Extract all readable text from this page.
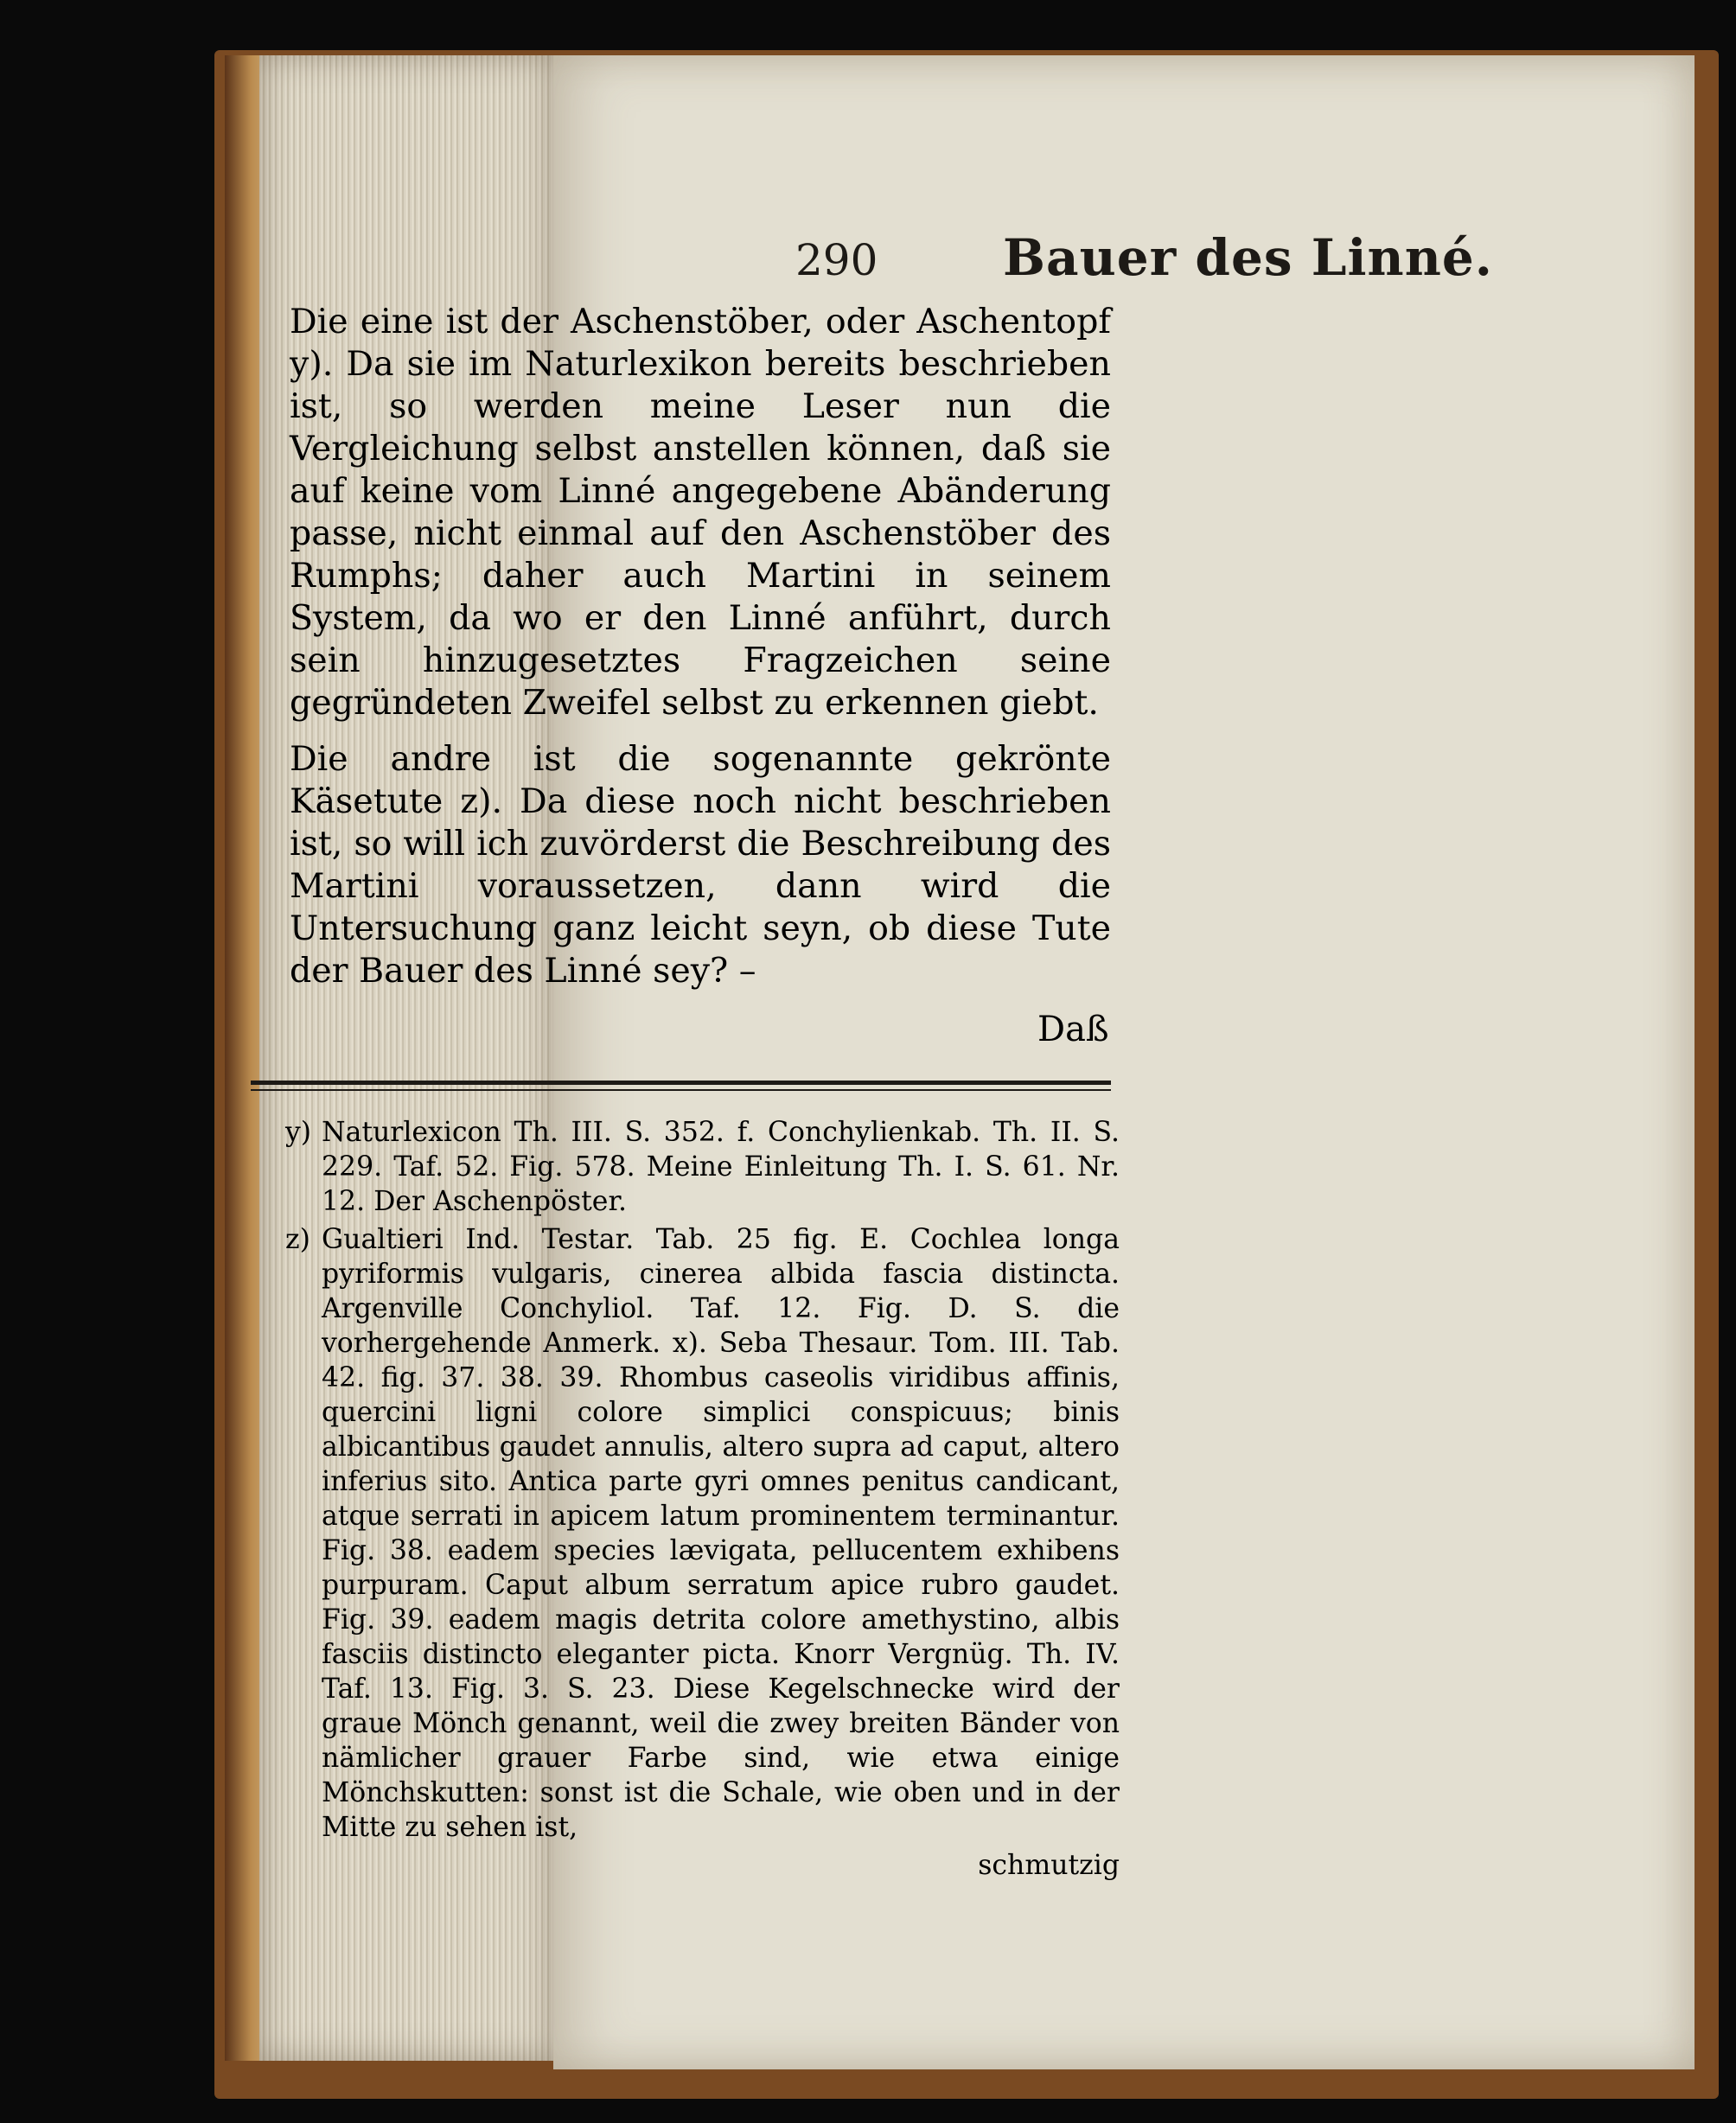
290 Bauer des Linné.

Die eine ist der Aschenstöber, oder Aschentopf y). Da sie im Naturlexikon bereits beschrieben ist, so werden meine Leser nun die Vergleichung selbst anstellen können, daß sie auf keine vom Linné angegebene Abänderung passe, nicht einmal auf den Aschenstöber des Rumphs; daher auch Martini in seinem System, da wo er den Linné anführt, durch sein hinzugesetztes Fragzeichen seine gegründeten Zweifel selbst zu erkennen giebt.

Die andre ist die sogenannte gekrönte Käsetute z). Da diese noch nicht beschrieben ist, so will ich zuvörderst die Beschreibung des Martini voraussetzen, dann wird die Untersuchung ganz leicht seyn, ob diese Tute der Bauer des Linné sey? –

Daß
y) Naturlexicon Th. III. S. 352. f. Conchylienkab. Th. II. S. 229. Taf. 52. Fig. 578. Meine Einleitung Th. I. S. 61. Nr. 12. Der Aschenpöster.
z) Gualtieri Ind. Testar. Tab. 25 fig. E. Cochlea longa pyriformis vulgaris, cinerea albida fascia distincta. Argenville Conchyliol. Taf. 12. Fig. D. S. die vorhergehende Anmerk. x). Seba Thesaur. Tom. III. Tab. 42. fig. 37. 38. 39. Rhombus caseolis viridibus affinis, quercini ligni colore simplici conspicuus; binis albicantibus gaudet annulis, altero supra ad caput, altero inferius sito. Antica parte gyri omnes penitus candicant, atque serrati in apicem latum prominentem terminantur. Fig. 38. eadem species lævigata, pellucentem exhibens purpuram. Caput album serratum apice rubro gaudet. Fig. 39. eadem magis detrita colore amethystino, albis fasciis distincto eleganter picta. Knorr Vergnüg. Th. IV. Taf. 13. Fig. 3. S. 23. Diese Kegelschnecke wird der graue Mönch genannt, weil die zwey breiten Bänder von nämlicher grauer Farbe sind, wie etwa einige Mönchskutten: sonst ist die Schale, wie oben und in der Mitte zu sehen ist,
schmutzig
